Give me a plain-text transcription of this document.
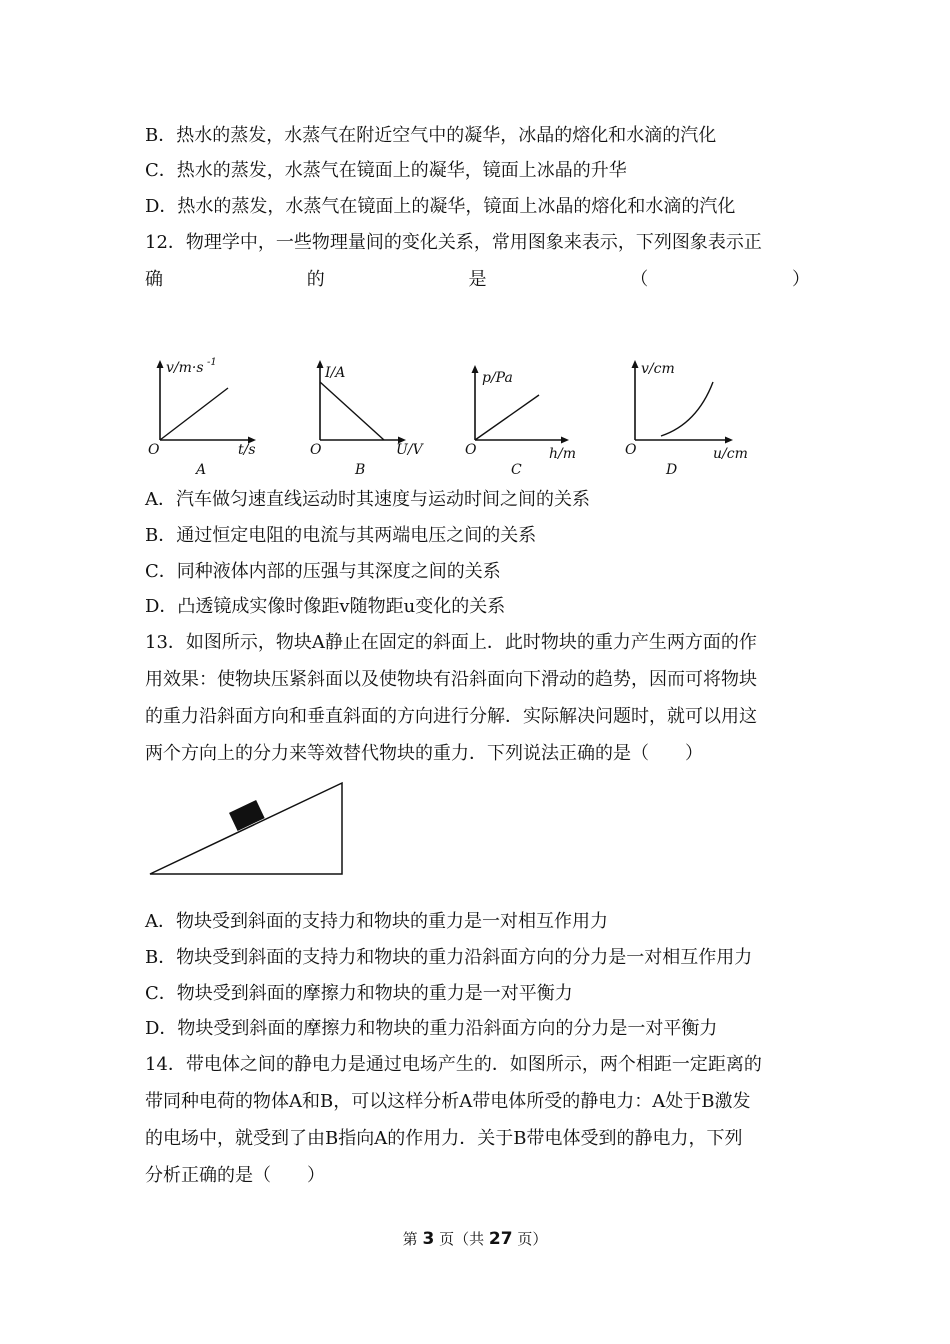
B．热水的蒸发，水蒸气在附近空气中的凝华，冰晶的熔化和水滴的汽化
C．热水的蒸发，水蒸气在镜面上的凝华，镜面上冰晶的升华
D．热水的蒸发，水蒸气在镜面上的凝华，镜面上冰晶的熔化和水滴的汽化
12．物理学中，一些物理量间的变化关系，常用图象来表示，下列图象表示正
确	的	是	（	）
v/m·s -1
O	t/s
A
I/A
O	U/V
B
p/Pa
O	h/m
C
v/cm
O	u/cm
D
A．汽车做匀速直线运动时其速度与运动时间之间的关系
B．通过恒定电阻的电流与其两端电压之间的关系
C．同种液体内部的压强与其深度之间的关系
D．凸透镜成实像时像距v随物距u变化的关系
13．如图所示，物块A静止在固定的斜面上．此时物块的重力产生两方面的作
用效果：使物块压紧斜面以及使物块有沿斜面向下滑动的趋势，因而可将物块
的重力沿斜面方向和垂直斜面的方向进行分解．实际解决问题时，就可以用这
两个方向上的分力来等效替代物块的重力．下列说法正确的是（　　）
A．物块受到斜面的支持力和物块的重力是一对相互作用力
B．物块受到斜面的支持力和物块的重力沿斜面方向的分力是一对相互作用力
C．物块受到斜面的摩擦力和物块的重力是一对平衡力
D．物块受到斜面的摩擦力和物块的重力沿斜面方向的分力是一对平衡力
14．带电体之间的静电力是通过电场产生的．如图所示，两个相距一定距离的
带同种电荷的物体A和B，可以这样分析A带电体所受的静电力：A处于B激发
的电场中，就受到了由B指向A的作用力．关于B带电体受到的静电力，下列
分析正确的是（　　）
第 3 页（共 27 页）
